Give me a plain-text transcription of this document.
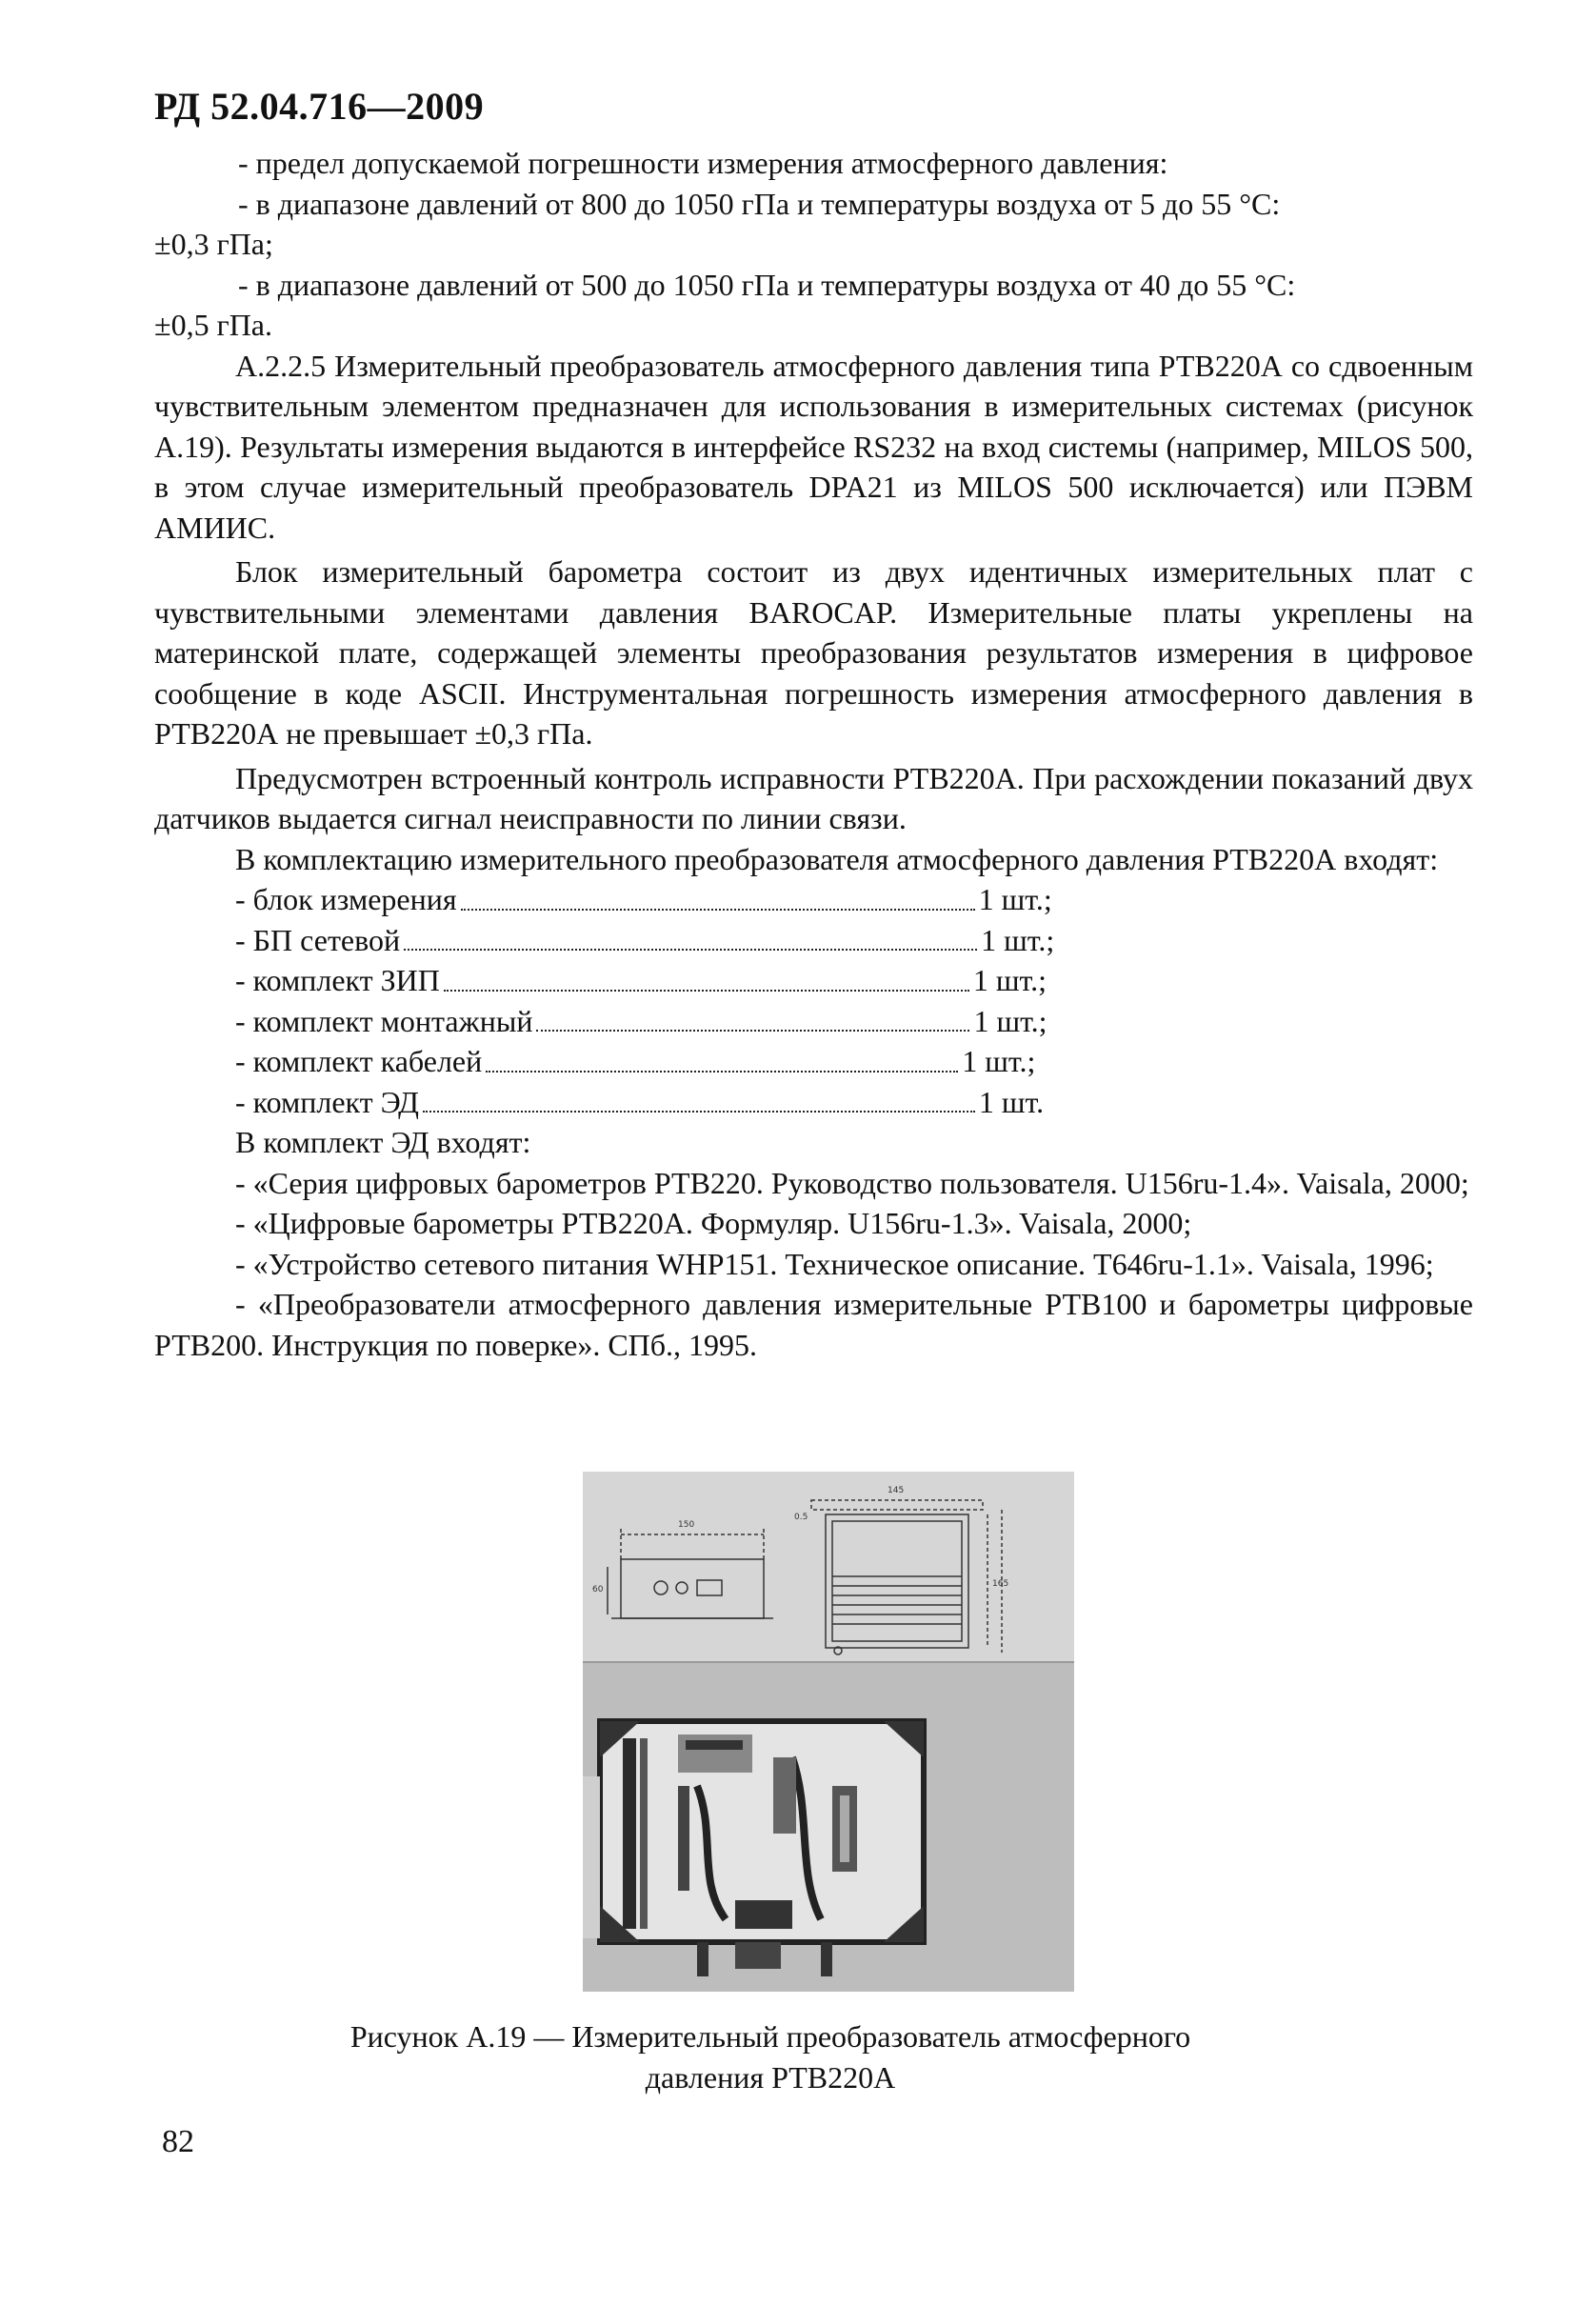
РД 52.04.716—2009

- предел допускаемой погрешности измерения атмосферного давления:

- в диапазоне давлений от 800 до 1050 гПа и температуры воздуха от 5 до 55 °С:

±0,3 гПа;

- в диапазоне давлений от 500 до 1050 гПа и температуры воздуха от 40 до 55 °С:

±0,5 гПа.

А.2.2.5 Измерительный преобразователь атмосферного давления типа РТВ220А со сдвоенным чувствительным элементом предназначен для использования в измерительных системах (рисунок А.19). Результаты измерения выдаются в интерфейсе RS232 на вход системы (например, MILOS 500, в этом случае измерительный преобразователь DPA21 из MILOS 500 исключается) или ПЭВМ АМИИС.

Блок измерительный барометра состоит из двух идентичных измерительных плат с чувствительными элементами давления BAROCAP. Измерительные платы укреплены на материнской плате, содержащей элементы преобразования результатов измерения в цифровое сообщение в коде ASCII. Инструментальная погрешность измерения атмосферного давления в РТВ220А не превышает ±0,3 гПа.

Предусмотрен встроенный контроль исправности РТВ220А. При расхождении показаний двух датчиков выдается сигнал неисправности по линии связи.

В комплектацию измерительного преобразователя атмосферного давления РТВ220А входят:

- блок измерения	1 шт.;
- БП сетевой	1 шт.;
- комплект ЗИП	1 шт.;
- комплект монтажный	1 шт.;
- комплект кабелей	1 шт.;
- комплект ЭД	1 шт.

В комплект ЭД входят:

- «Серия цифровых барометров РТВ220. Руководство пользователя. U156ru-1.4». Vaisala, 2000;

- «Цифровые барометры РТВ220А. Формуляр. U156ru-1.3». Vaisala, 2000;

- «Устройство сетевого питания WHP151. Техническое описание. Т646ru-1.1». Vaisala, 1996;

- «Преобразователи атмосферного давления измерительные РТВ100 и барометры цифровые РТВ200. Инструкция по поверке». СПб., 1995.

150
60
145
165
0.5
Рисунок А.19 — Измерительный преобразователь атмосферного
давления РТВ220А
82
